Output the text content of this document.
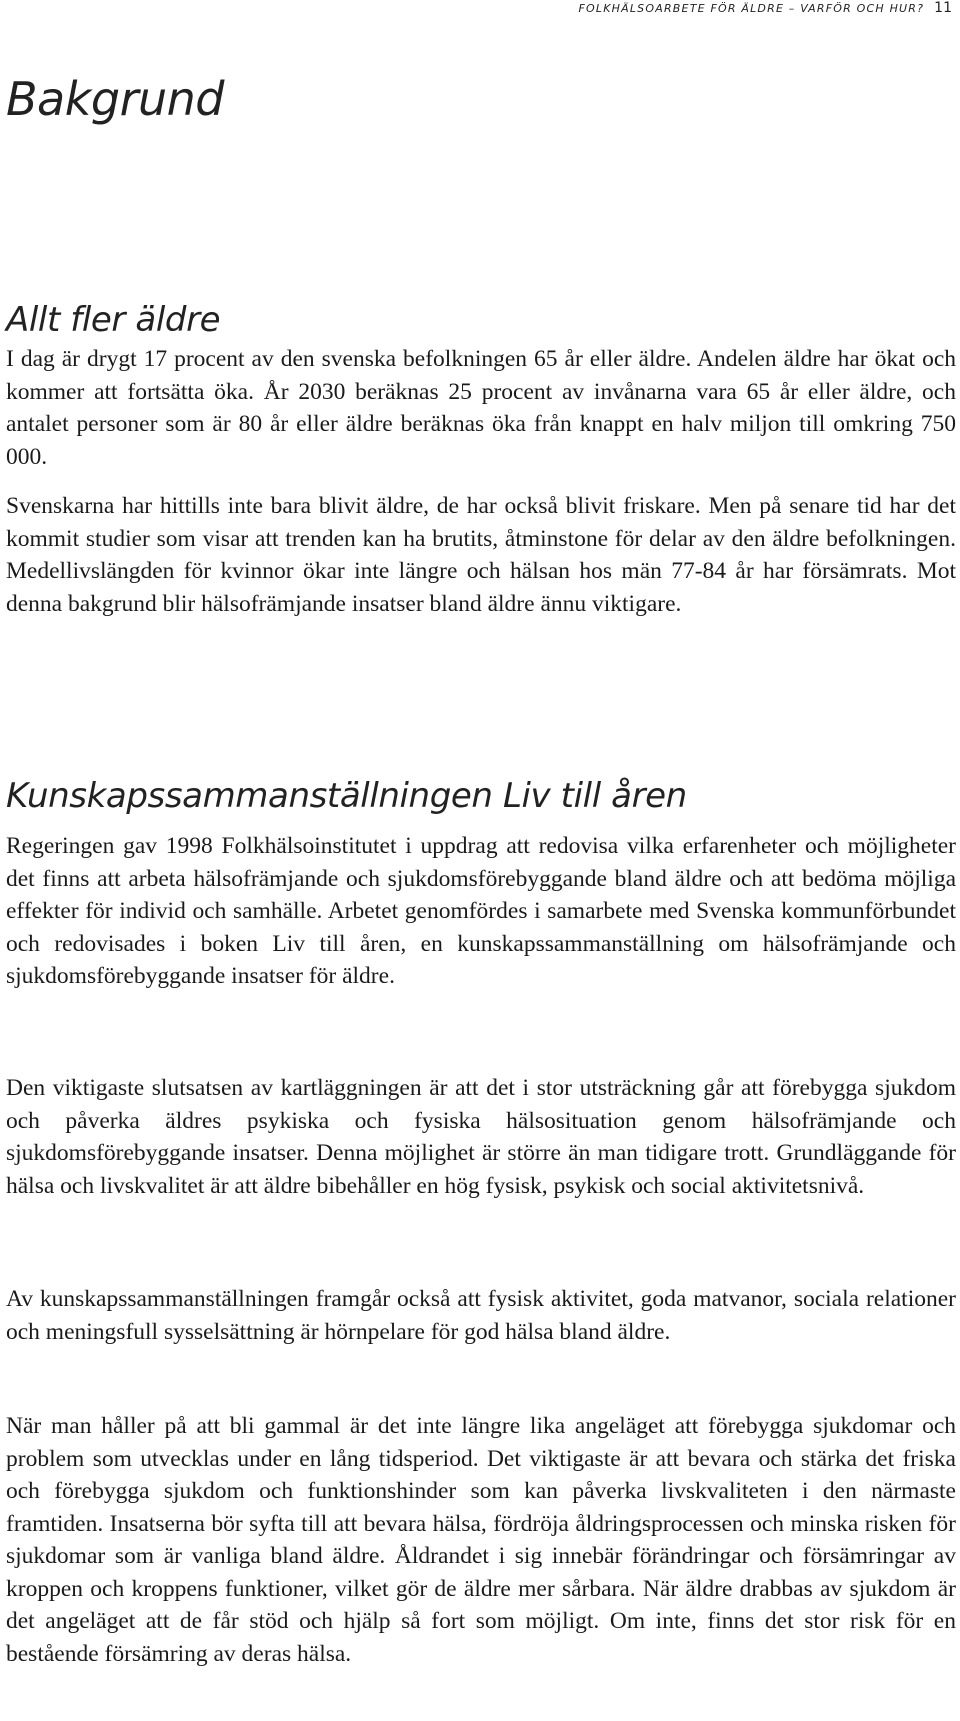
FOLKHÄLSOARBETE FÖR ÄLDRE – VARFÖR OCH HUR? 11
Bakgrund
Allt fler äldre

I dag är drygt 17 procent av den svenska befolkningen 65 år eller äldre. Andelen äldre har ökat och kommer att fortsätta öka. År 2030 beräknas 25 procent av invånarna vara 65 år eller äldre, och antalet personer som är 80 år eller äldre beräknas öka från knappt en halv miljon till omkring 750 000.

Svenskarna har hittills inte bara blivit äldre, de har också blivit friskare. Men på senare tid har det kommit studier som visar att trenden kan ha brutits, åtminstone för delar av den äldre befolkningen. Medellivslängden för kvinnor ökar inte längre och hälsan hos män 77-84 år har försämrats. Mot denna bakgrund blir hälsofrämjande insatser bland äldre ännu viktigare.

Kunskapssammanställningen Liv till åren

Regeringen gav 1998 Folkhälsoinstitutet i uppdrag att redovisa vilka erfarenheter och möjligheter det finns att arbeta hälsofrämjande och sjukdomsförebyggande bland äldre och att bedöma möjliga effekter för individ och samhälle. Arbetet genomfördes i samarbete med Svenska kommunförbundet och redovisades i boken Liv till åren, en kunskapssammanställning om hälsofrämjande och sjukdomsförebyggande insatser för äldre.

Den viktigaste slutsatsen av kartläggningen är att det i stor utsträckning går att förebygga sjukdom och påverka äldres psykiska och fysiska hälsosituation genom hälsofrämjande och sjukdomsförebyggande insatser. Denna möjlighet är större än man tidigare trott. Grundläggande för hälsa och livskvalitet är att äldre bibehåller en hög fysisk, psykisk och social aktivitetsnivå.

Av kunskapssammanställningen framgår också att fysisk aktivitet, goda matvanor, sociala relationer och meningsfull sysselsättning är hörnpelare för god hälsa bland äldre.

När man håller på att bli gammal är det inte längre lika angeläget att förebygga sjukdomar och problem som utvecklas under en lång tidsperiod. Det viktigaste är att bevara och stärka det friska och förebygga sjukdom och funktionshinder som kan påverka livskvaliteten i den närmaste framtiden. Insatserna bör syfta till att bevara hälsa, fördröja åldringsprocessen och minska risken för sjukdomar som är vanliga bland äldre. Åldrandet i sig innebär förändringar och försämringar av kroppen och kroppens funktioner, vilket gör de äldre mer sårbara. När äldre drabbas av sjukdom är det angeläget att de får stöd och hjälp så fort som möjligt. Om inte, finns det stor risk för en bestående försämring av deras hälsa.
